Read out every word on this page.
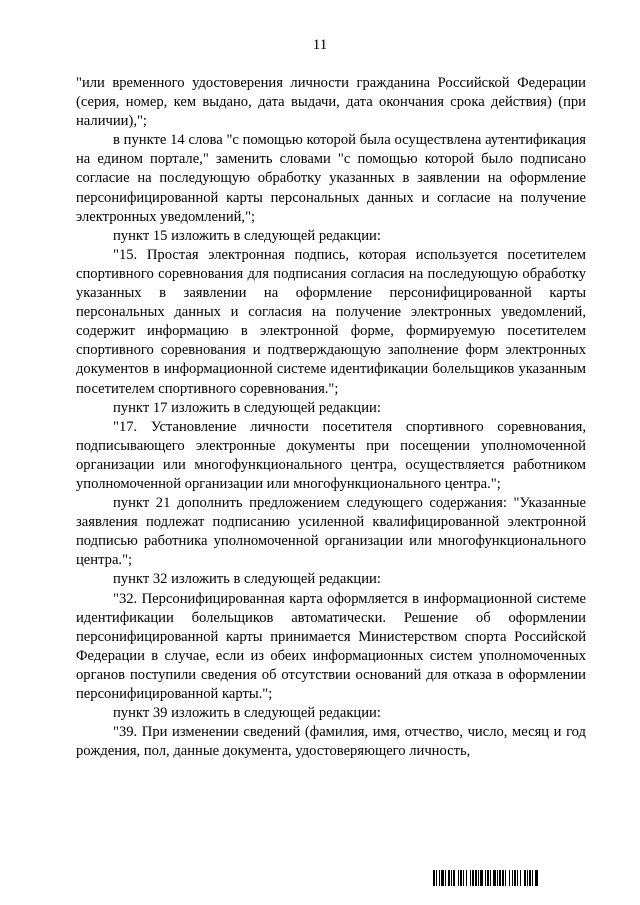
11

"или временного удостоверения личности гражданина Российской Федерации (серия, номер, кем выдано, дата выдачи, дата окончания срока действия) (при наличии),";

в пункте 14 слова "с помощью которой была осуществлена аутентификация на едином портале," заменить словами "с помощью которой было подписано согласие на последующую обработку указанных в заявлении на оформление персонифицированной карты персональных данных и согласие на получение электронных уведомлений,";

пункт 15 изложить в следующей редакции:

"15. Простая электронная подпись, которая используется посетителем спортивного соревнования для подписания согласия на последующую обработку указанных в заявлении на оформление персонифицированной карты персональных данных и согласия на получение электронных уведомлений, содержит информацию в электронной форме, формируемую посетителем спортивного соревнования и подтверждающую заполнение форм электронных документов в информационной системе идентификации болельщиков указанным посетителем спортивного соревнования.";

пункт 17 изложить в следующей редакции:

"17. Установление личности посетителя спортивного соревнования, подписывающего электронные документы при посещении уполномоченной организации или многофункционального центра, осуществляется работником уполномоченной организации или многофункционального центра.";

пункт 21 дополнить предложением следующего содержания: "Указанные заявления подлежат подписанию усиленной квалифицированной электронной подписью работника уполномоченной организации или многофункционального центра.";

пункт 32 изложить в следующей редакции:

"32. Персонифицированная карта оформляется в информационной системе идентификации болельщиков автоматически. Решение об оформлении персонифицированной карты принимается Министерством спорта Российской Федерации в случае, если из обеих информационных систем уполномоченных органов поступили сведения об отсутствии оснований для отказа в оформлении персонифицированной карты.";

пункт 39 изложить в следующей редакции:

"39. При изменении сведений (фамилия, имя, отчество, число, месяц и год рождения, пол, данные документа, удостоверяющего личность,
